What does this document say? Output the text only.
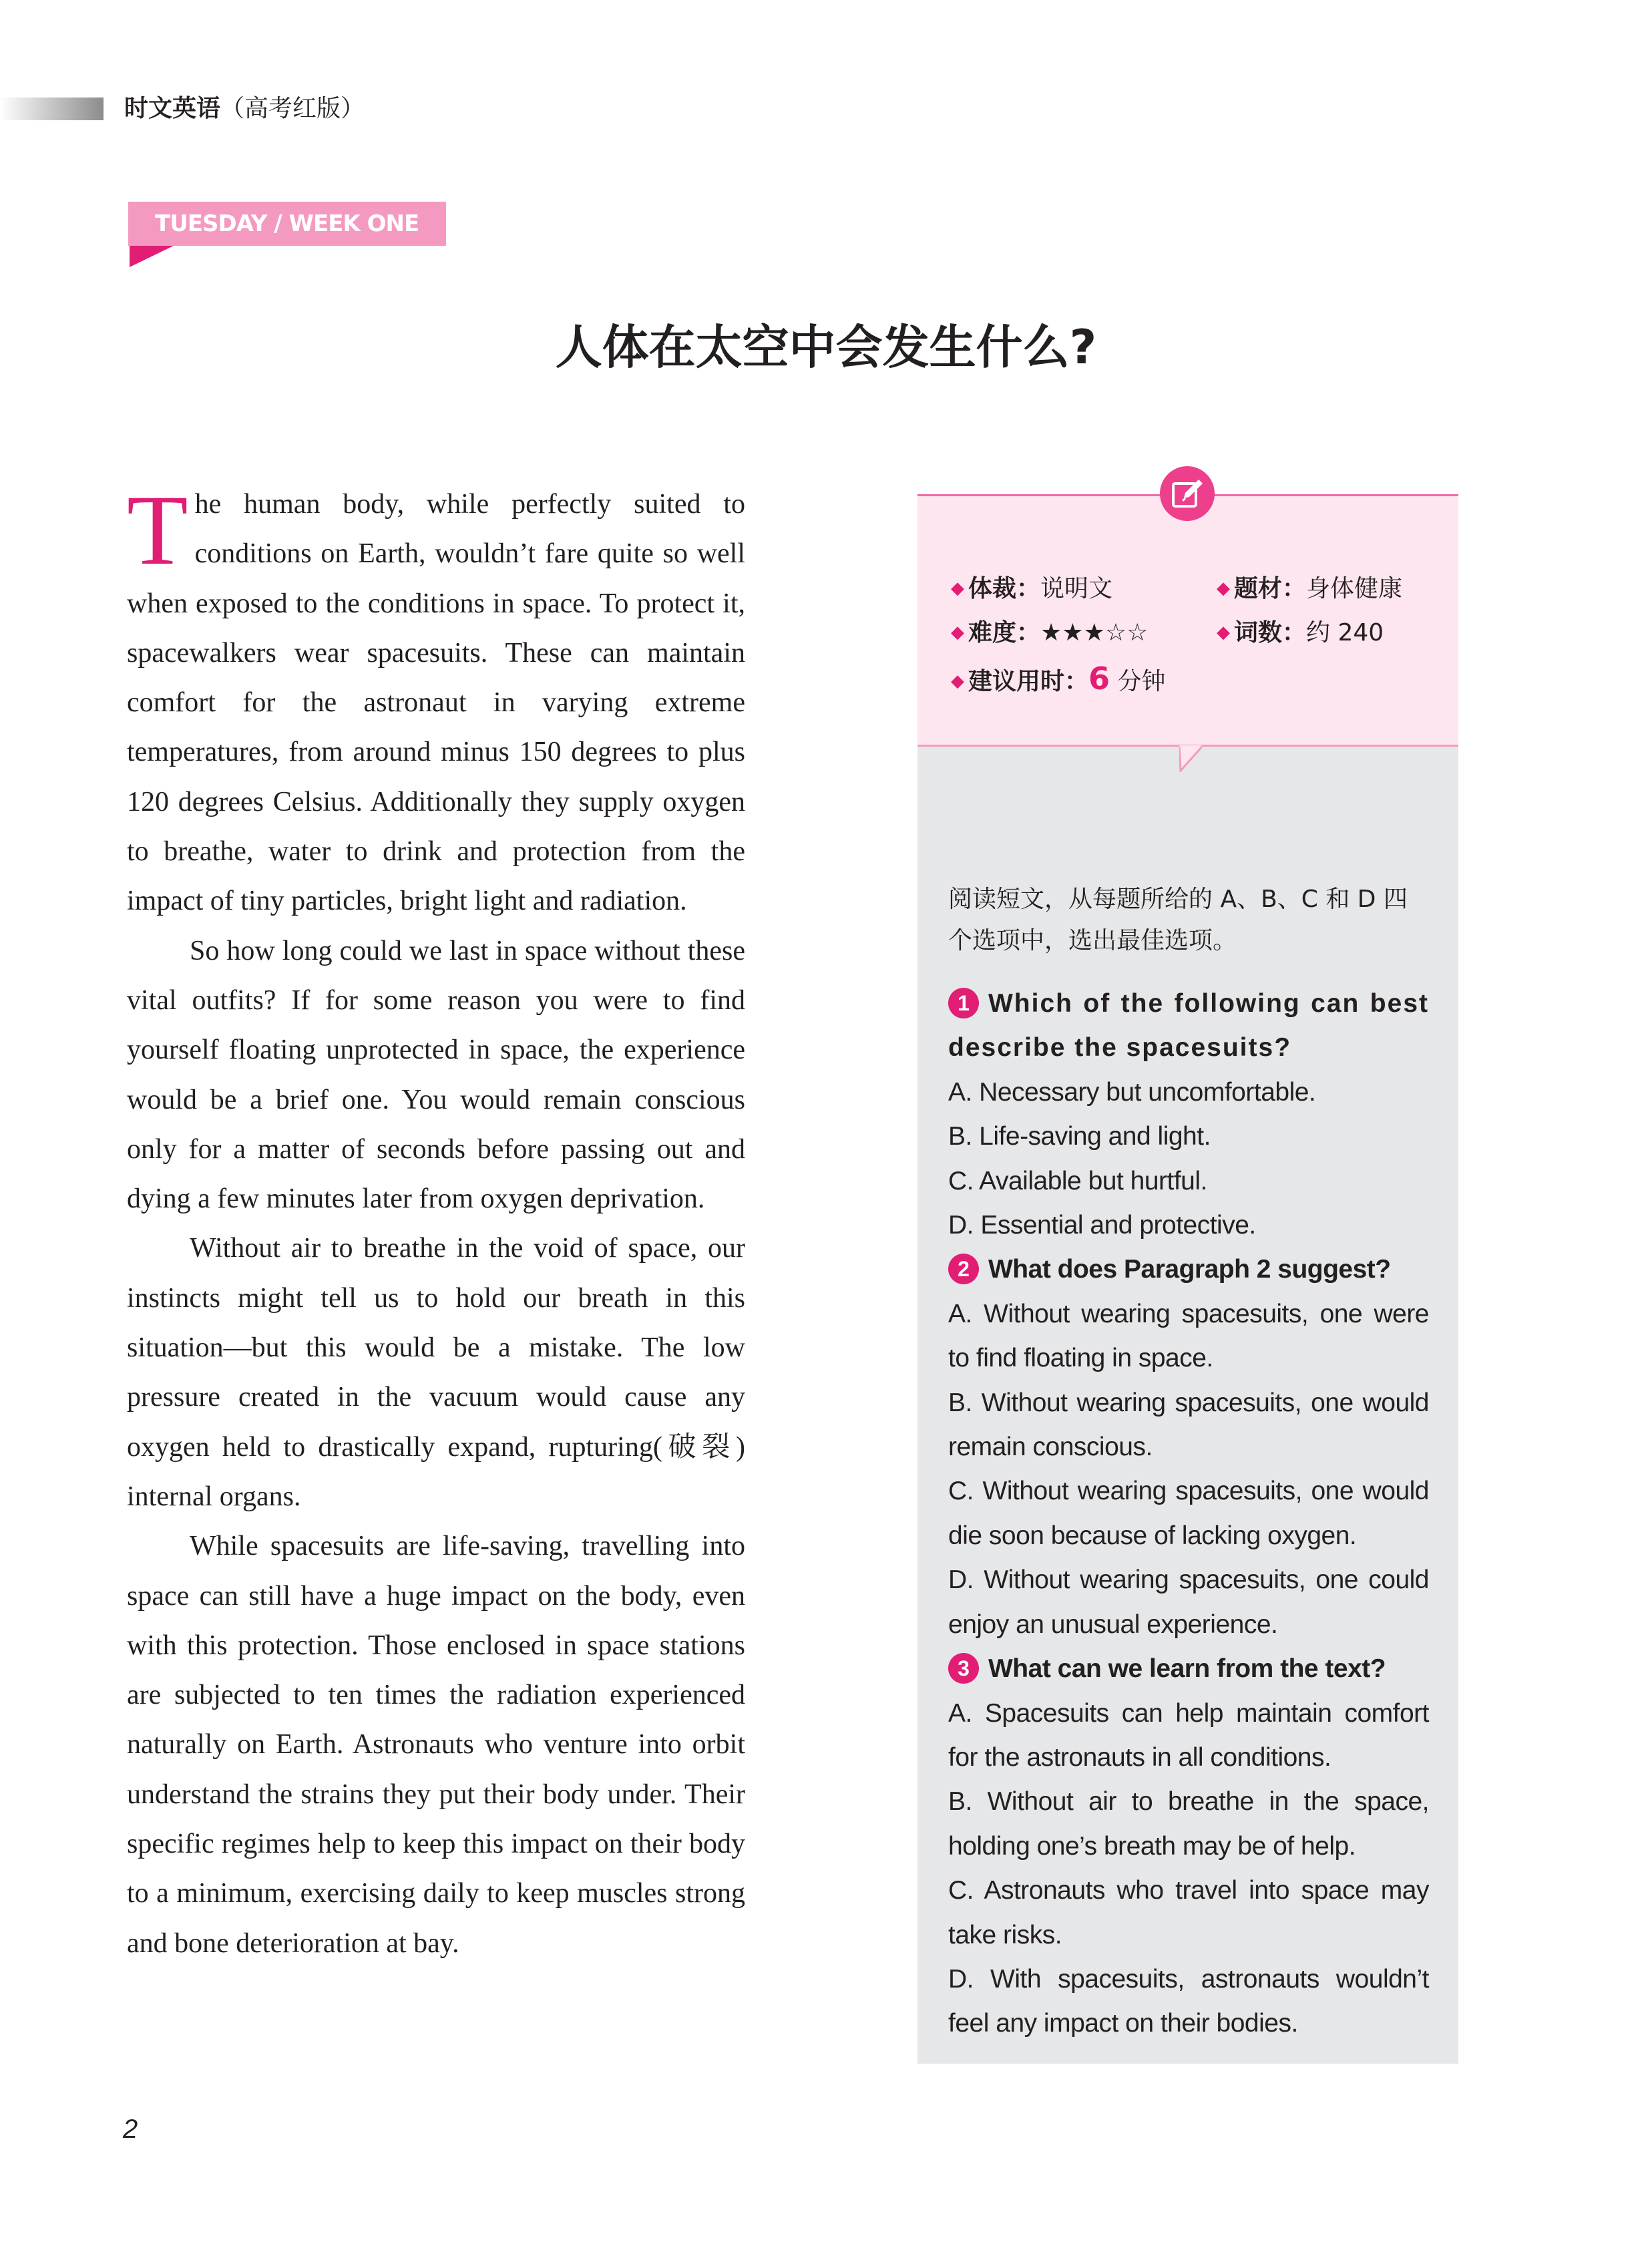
时文英语（高考红版）
TUESDAY / WEEK ONE
人体在太空中会发生什么?

The human body, while perfectly suited to conditions on Earth, wouldn’t fare quite so well when exposed to the conditions in space. To protect it, spacewalkers wear spacesuits. These can maintain comfort for the astronaut in varying extreme temperatures, from around minus 150 degrees to plus 120 degrees Celsius. Additionally they supply oxygen to breathe, water to drink and protection from the impact of tiny particles, bright light and radiation.

So how long could we last in space without these vital outfits? If for some reason you were to find yourself floating unprotected in space, the experience would be a brief one. You would remain conscious only for a matter of seconds before passing out and dying a few minutes later from oxygen deprivation.

Without air to breathe in the void of space, our instincts might tell us to hold our breath in this situation—but this would be a mistake. The low pressure created in the vacuum would cause any oxygen held to drastically expand, rupturing(破裂) internal organs.

While spacesuits are life-saving, travelling into space can still have a huge impact on the body, even with this protection. Those enclosed in space stations are subjected to ten times the radiation experienced naturally on Earth. Astronauts who venture into orbit understand the strains they put their body under. Their specific regimes help to keep this impact on their body to a minimum, exercising daily to keep muscles strong and bone deterioration at bay.

◆ 体裁：说明文	◆ 题材：身体健康
◆ 难度：★★★☆☆	◆ 词数：约 240
◆ 建议用时：6 分钟
阅读短文，从每题所给的 A、B、C 和 D 四个选项中，选出最佳选项。
1 Which of the following can best describe the spacesuits?
A. Necessary but uncomfortable.
B. Life-saving and light.
C. Available but hurtful.
D. Essential and protective.
2 What does Paragraph 2 suggest?
A. Without wearing spacesuits, one were to find floating in space.
B. Without wearing spacesuits, one would remain conscious.
C. Without wearing spacesuits, one would die soon because of lacking oxygen.
D. Without wearing spacesuits, one could enjoy an unusual experience.
3 What can we learn from the text?
A. Spacesuits can help maintain comfort for the astronauts in all conditions.
B. Without air to breathe in the space, holding one’s breath may be of help.
C. Astronauts who travel into space may take risks.
D. With spacesuits, astronauts wouldn’t feel any impact on their bodies.
2
